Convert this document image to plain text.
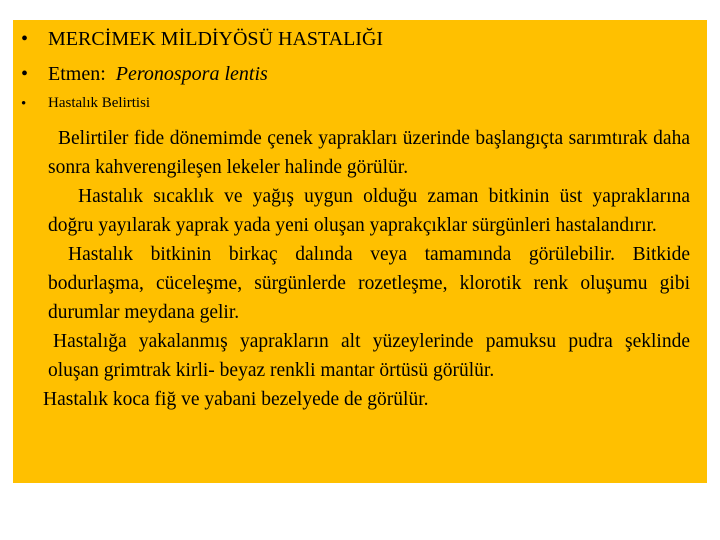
• MERCİMEK MİLDİYÖSÜ HASTALIĞI
• Etmen: Peronospora lentis
• Hastalık Belirtisi

Belirtiler fide dönemimde çenek yaprakları üzerinde başlangıçta sarımtırak daha sonra kahverengileşen lekeler halinde görülür.

Hastalık sıcaklık ve yağış uygun olduğu zaman bitkinin üst yapraklarına doğru yayılarak yaprak yada yeni oluşan yaprakçıklar sürgünleri hastalandırır.

Hastalık bitkinin birkaç dalında veya tamamında görülebilir. Bitkide bodurlaşma, cüceleşme, sürgünlerde rozetleşme, klorotik renk oluşumu gibi durumlar meydana gelir.

Hastalığa yakalanmış yaprakların alt yüzeylerinde pamuksu pudra şeklinde oluşan grimtrak kirli- beyaz renkli mantar örtüsü görülür.

Hastalık koca fiğ ve yabani bezelyede de görülür.
